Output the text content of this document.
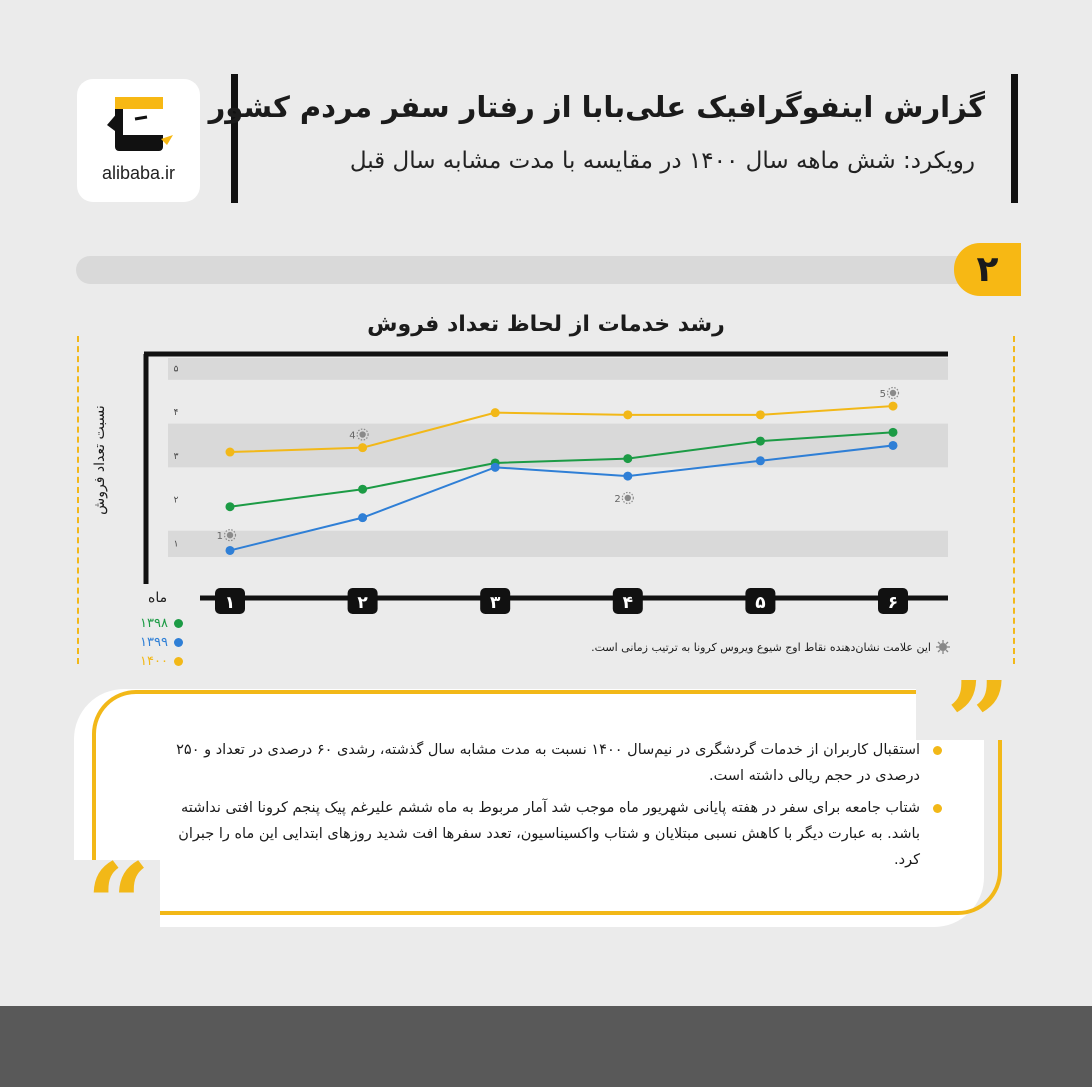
alibaba.ir
گزارش اینفوگرافیک علی‌بابا از رفتار سفر مردم کشور
رویکرد: شش ماهه سال ۱۴۰۰ در مقایسه با مدت مشابه سال قبل
۲
رشد خدمات از لحاظ تعداد فروش
نسبت تعداد فروش
ماه
۱
۲
۳
۴
۵
۱	۲	۳	۴	۵	۶
1
2
4
5
۱۳۹۸
۱۳۹۹
۱۴۰۰
این علامت نشان‌دهنده نقاط اوج شیوع ویروس کرونا به ترتیب زمانی است.
”
“
استقبال کاربران از خدمات گردشگری در نیم‌سال ۱۴۰۰ نسبت به مدت مشابه سال گذشته، رشدی ۶۰ درصدی در تعداد و ۲۵۰ درصدی در حجم ریالی داشته است.
شتاب جامعه برای سفر در هفته پایانی شهریور ماه موجب شد آمار مربوط به ماه ششم علیرغم پیک پنجم کرونا افتی نداشته باشد. به عبارت دیگر با کاهش نسبی مبتلایان و شتاب واکسیناسیون، تعدد سفرها افت شدید روزهای ابتدایی این ماه را جبران کرد.
